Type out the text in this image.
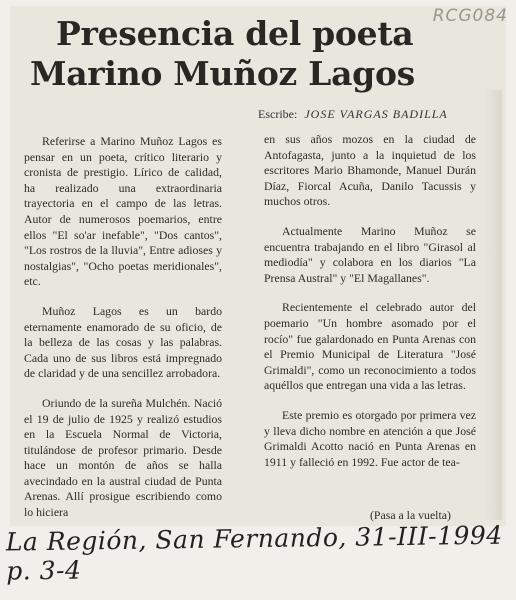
RCG084
Presencia del poeta
Marino Muñoz Lagos
Escribe: JOSE VARGAS BADILLA

Referirse a Marino Muñoz Lagos es pensar en un poeta, crítico literario y cronista de prestigio. Lírico de calidad, ha realizado una extraordinaria trayectoria en el campo de las letras. Autor de numerosos poemarios, entre ellos "El so'ar inefable", "Dos cantos", "Los rostros de la lluvia", Entre adioses y nostalgias", "Ocho poetas meridionales", etc.

Muñoz Lagos es un bardo eternamente enamorado de su oficio, de la belleza de las cosas y las palabras. Cada uno de sus libros está impregnado de claridad y de una sencillez arrobadora.

Oriundo de la sureña Mulchén. Nació el 19 de julio de 1925 y realizó estudios en la Escuela Normal de Victoria, titulándose de profesor primario. Desde hace un montón de años se halla avecindado en la austral ciudad de Punta Arenas. Allí prosigue escribiendo como lo hiciera

en sus años mozos en la ciudad de Antofagasta, junto a la inquietud de los escritores Mario Bhamonde, Manuel Durán Díaz, Fiorcal Acuña, Danilo Tacussis y muchos otros.

Actualmente Marino Muñoz se encuentra trabajando en el libro "Girasol al mediodía" y colabora en los diarios "La Prensa Austral" y "El Magallanes".

Recientemente el celebrado autor del poemario "Un hombre asomado por el rocío" fue galardonado en Punta Arenas con el Premio Municipal de Literatura "José Grimaldi", como un reconocimiento a todos aquéllos que entregan una vida a las letras.

Este premio es otorgado por primera vez y lleva dicho nombre en atención a que José Grimaldi Acotto nació en Punta Arenas en 1911 y falleció en 1992. Fue actor de tea-

(Pasa a la vuelta)
La Región, San Fernando, 31-III-1994 p. 3-4
